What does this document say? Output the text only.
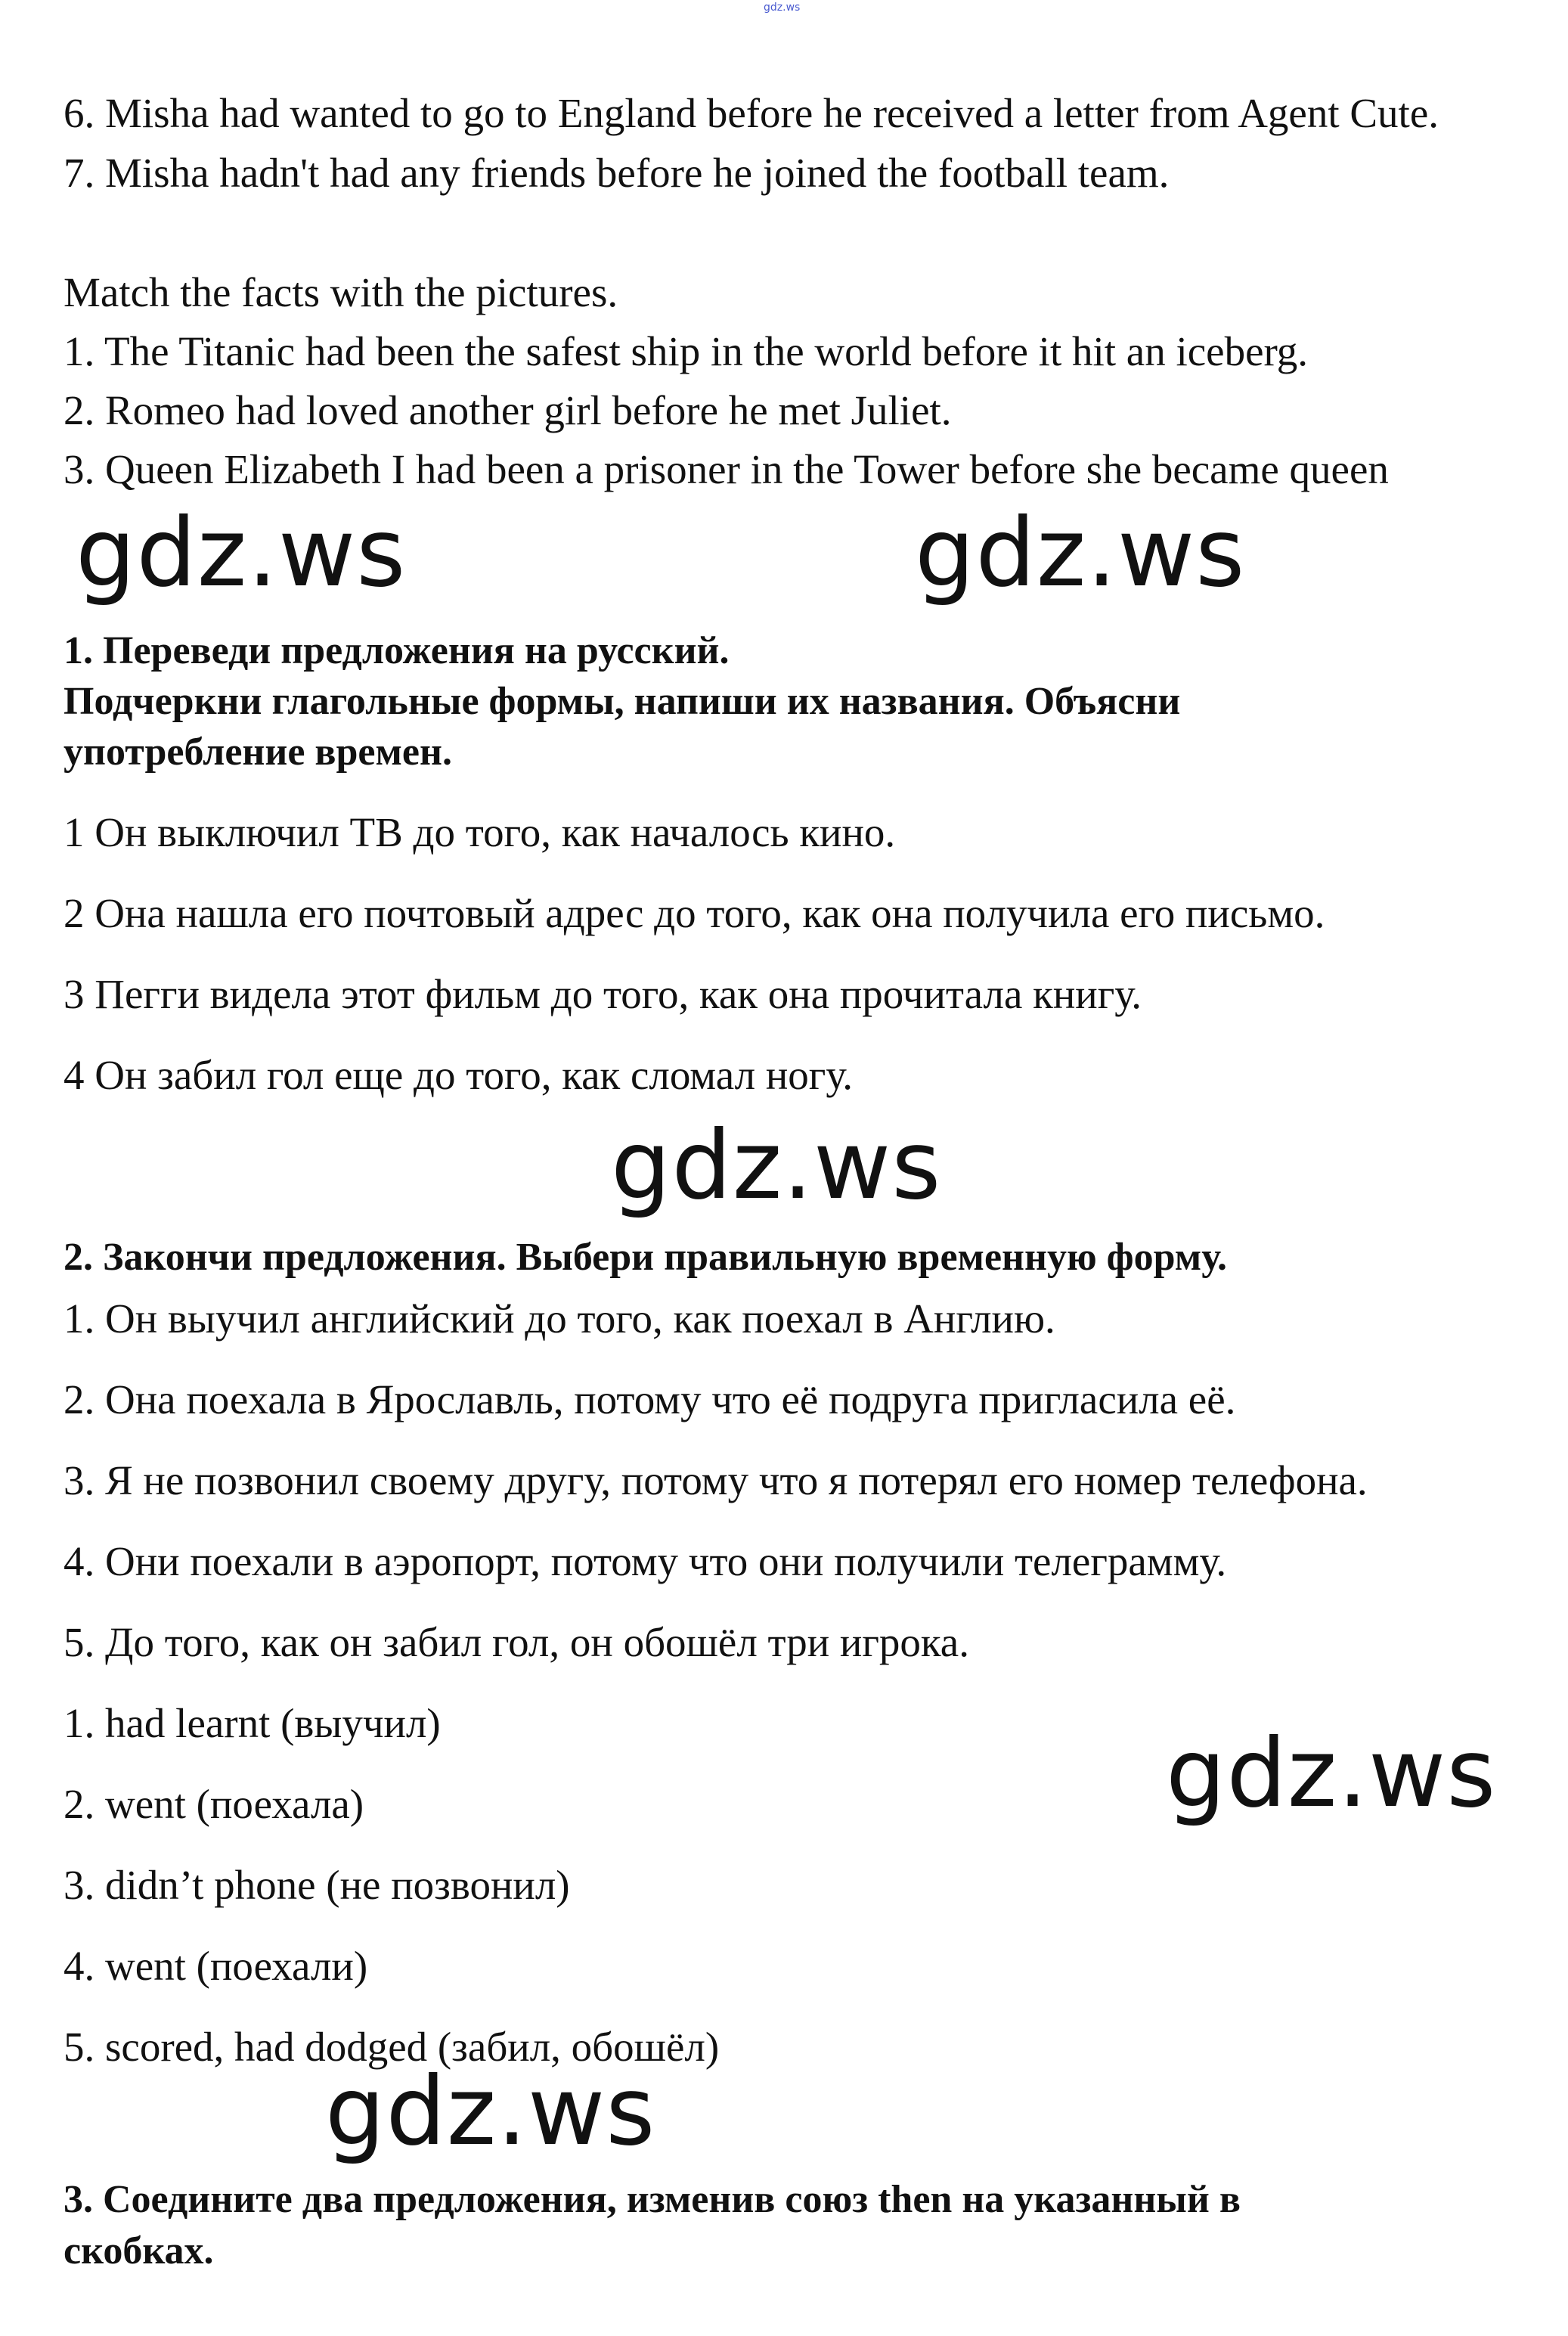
gdz.ws
6. Misha had wanted to go to England before he received a letter from Agent Cute.
7. Misha hadn't had any friends before he joined the football team.
Match the facts with the pictures.
1. The Titanic had been the safest ship in the world before it hit an iceberg.
2. Romeo had loved another girl before he met Juliet.
3. Queen Elizabeth I had been a prisoner in the Tower before she became queen
gdz.ws	gdz.ws
1. Переведи предложения на русский.
Подчеркни глагольные формы, напиши их названия. Объясни
употребление времен.
1 Он выключил ТВ до того, как началось кино.
2 Она нашла его почтовый адрес до того, как она получила его письмо.
3 Пегги видела этот фильм до того, как она прочитала книгу.
4 Он забил гол еще до того, как сломал ногу.
gdz.ws
2. Закончи предложения. Выбери правильную временную форму.
1. Он выучил английский до того, как поехал в Англию.
2. Она поехала в Ярославль, потому что её подруга пригласила её.
3. Я не позвонил своему другу, потому что я потерял его номер телефона.
4. Они поехали в аэропорт, потому что они получили телеграмму.
5. До того, как он забил гол, он обошёл три игрока.
1. had learnt (выучил)
2. went (поехала)
3. didn’t phone (не позвонил)
4. went (поехали)
5. scored, had dodged (забил, обошёл)
gdz.ws
gdz.ws
3. Соедините два предложения, изменив союз then на указанный в
скобках.
